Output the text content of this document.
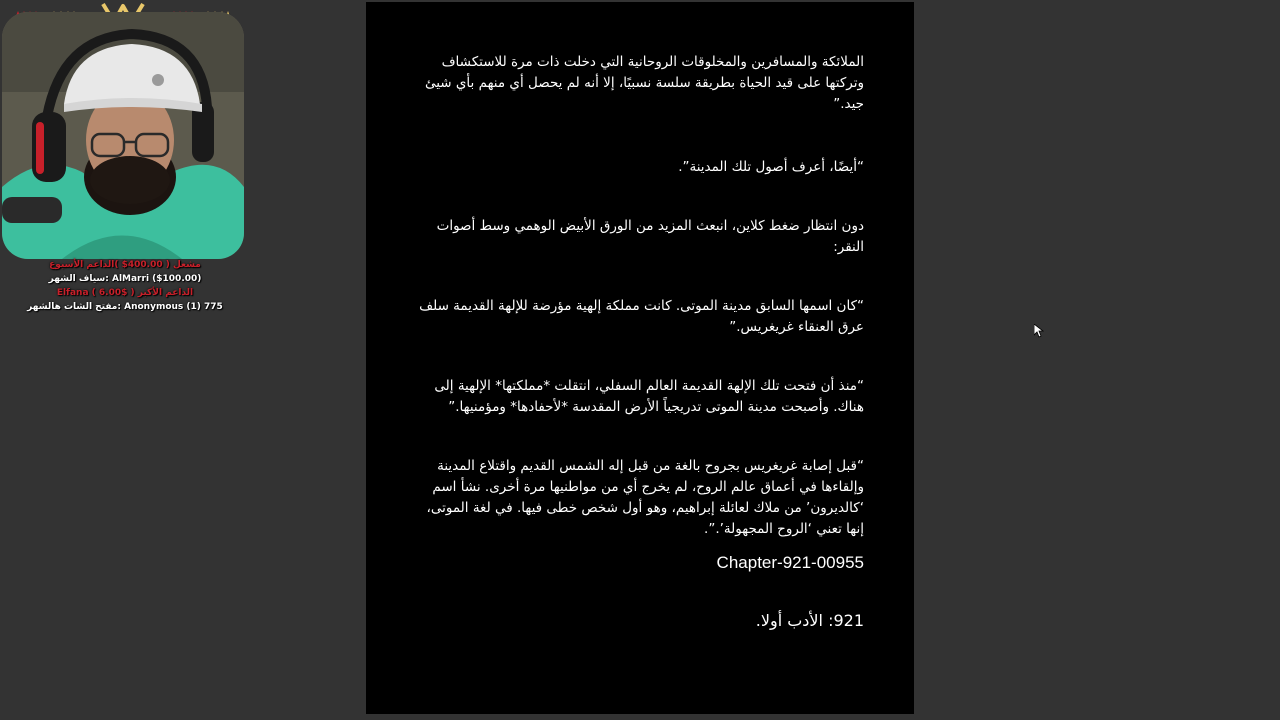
مشعل ( 400.00$ )الداعم الأسبوع
سياف الشهر: AlMarri ($100.00)
Elfana ( 6.00$ ) الداعم الأكبر
مفتح الشات هالشهر: Anonymous (1) 775

الملائكة والمسافرين والمخلوقات الروحانية التي دخلت ذات مرة للاستكشاف وتركتها على قيد الحياة بطريقة سلسة نسبيًا، إلا أنه لم يحصل أي منهم بأي شيئ جيد.”

“أيضًا، أعرف أصول تلك المدينة”.

دون انتظار ضغط كلاين، انبعث المزيد من الورق الأبيض الوهمي وسط أصوات النقر:

“كان اسمها السابق مدينة الموتى. كانت مملكة إلهية مؤرضة للإلهة القديمة سلف عرق العنقاء غريغريس.”

“منذ أن فتحت تلك الإلهة القديمة العالم السفلي، انتقلت *مملكتها* الإلهية إلى هناك. وأصبحت مدينة الموتى تدريجياً الأرض المقدسة *لأحفادها* ومؤمنيها.”

“قبل إصابة غريغريس بجروح بالغة من قبل إله الشمس القديم واقتلاع المدينة وإلقاءها في أعماق عالم الروح، لم يخرج أي من مواطنيها مرة أخرى. نشأ اسم ‘كالديرون’ من ملاك لعائلة إبراهيم، وهو أول شخص خطى فيها. في لغة الموتى، إنها تعني ‘الروح المجهولة’.”.

Chapter-921-00955
921: الأدب أولا.
